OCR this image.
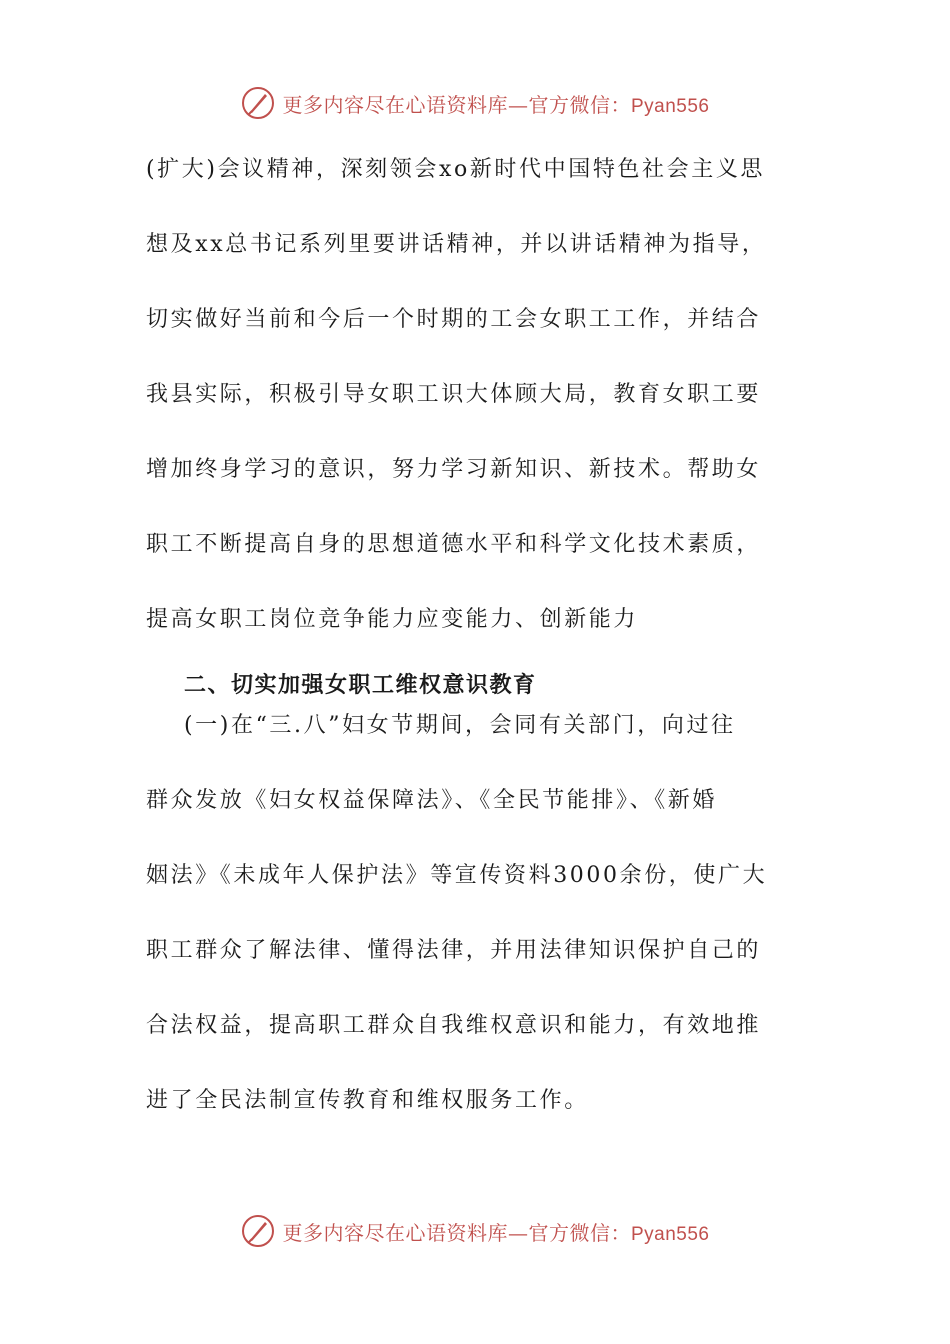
更多内容尽在心语资料库—官方微信：Pyan556
(扩大)会议精神，深刻领会xo新时代中国特色社会主义思
想及xx总书记系列里要讲话精神，并以讲话精神为指导，
切实做好当前和今后一个时期的工会女职工工作，并结合
我县实际，积极引导女职工识大体顾大局，教育女职工要
增加终身学习的意识，努力学习新知识、新技术。帮助女
职工不断提高自身的思想道德水平和科学文化技术素质，
提高女职工岗位竞争能力应变能力、创新能力
二、切实加强女职工维权意识教育
(一)在“三.八”妇女节期间，会同有关部门，向过往
群众发放《妇女权益保障法》、《全民节能排》、《新婚
姻法》《未成年人保护法》等宣传资料3000余份，使广大
职工群众了解法律、懂得法律，并用法律知识保护自己的
合法权益，提高职工群众自我维权意识和能力，有效地推
进了全民法制宣传教育和维权服务工作。
更多内容尽在心语资料库—官方微信：Pyan556
